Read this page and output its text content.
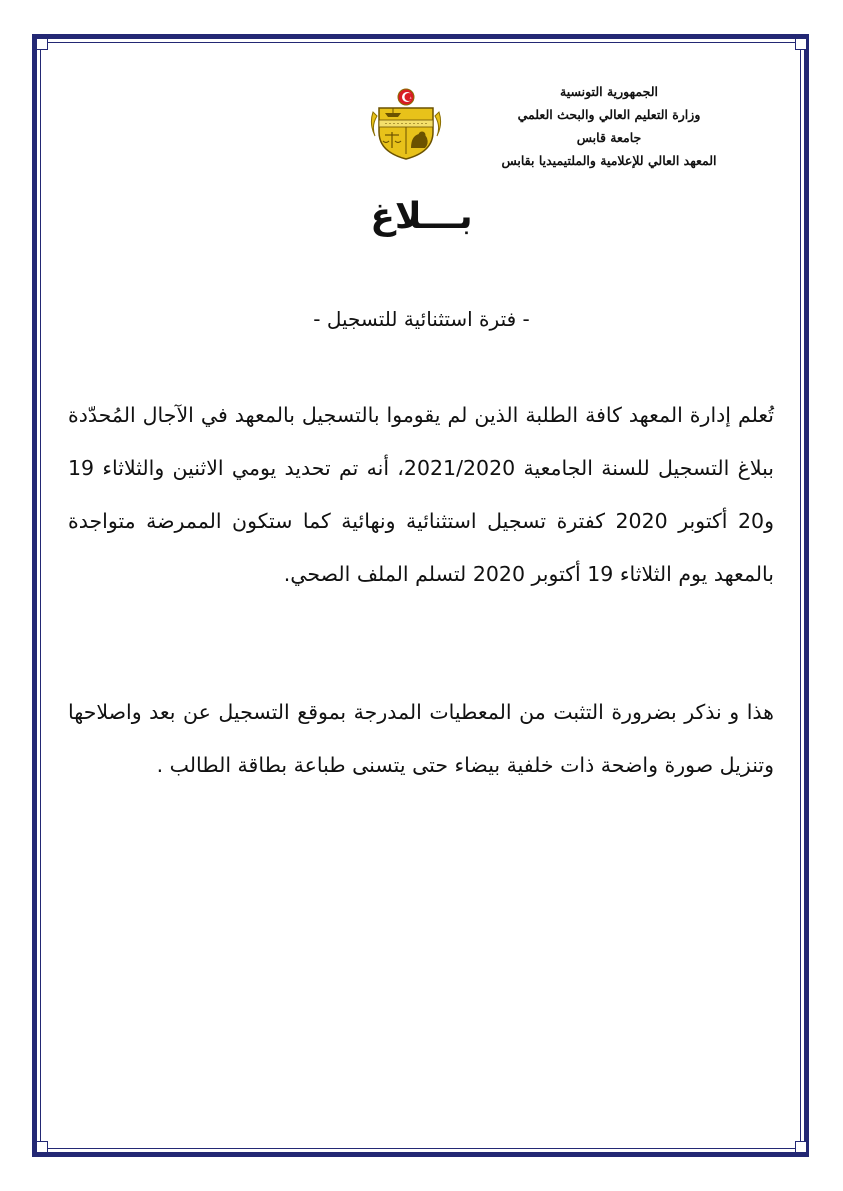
الجمهورية التونسية
وزارة التعليم العالي والبحث العلمي
جامعة قابس
المعهد العالي للإعلامية والملتيميديا بقابس
بـــلاغ
- فترة استثنائية للتسجيل -
تُعلم إدارة المعهد كافة الطلبة الذين لم يقوموا بالتسجيل بالمعهد في الآجال المُحدّدة ببلاغ التسجيل للسنة الجامعية 2021/2020، أنه تم تحديد يومي الاثنين والثلاثاء 19 و20 أكتوبر 2020 كفترة تسجيل استثنائية ونهائية كما ستكون الممرضة متواجدة بالمعهد يوم الثلاثاء 19 أكتوبر 2020 لتسلم الملف الصحي.
هذا و نذكر بضرورة التثبت من المعطيات المدرجة بموقع التسجيل عن بعد واصلاحها وتنزيل صورة واضحة ذات خلفية بيضاء حتى يتسنى طباعة بطاقة الطالب .
